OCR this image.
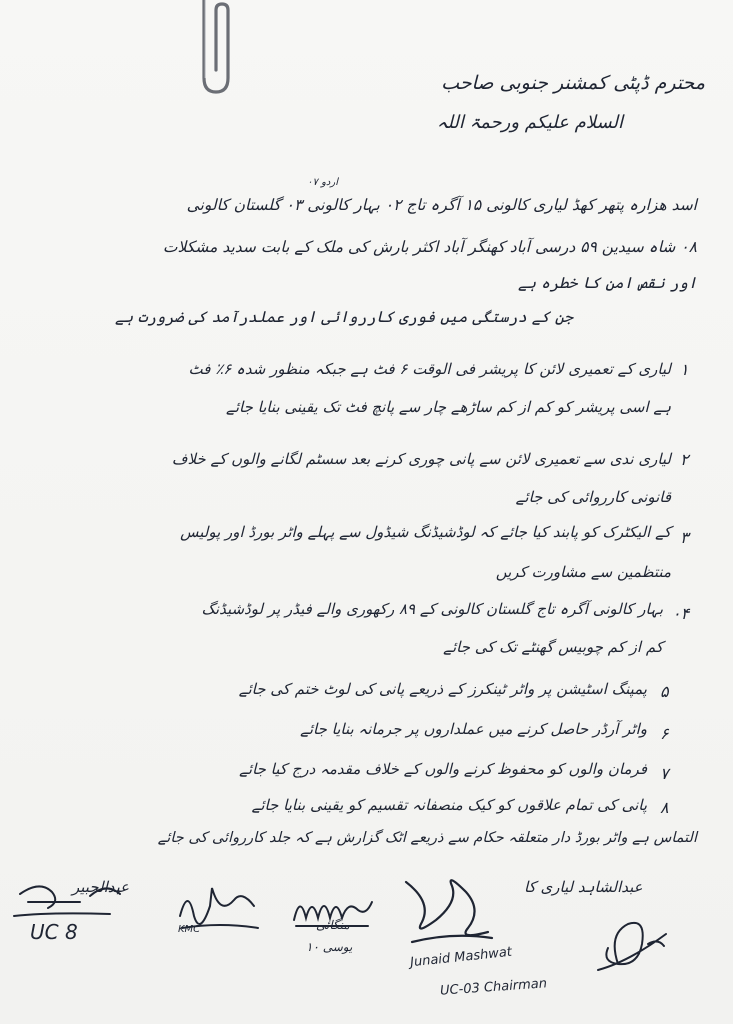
محترم ڈپٹی کمشنر جنوبی صاحب
السلام علیکم ورحمۃ اللہ
اردو ۰۷
اسد ھزارہ پتھر کھڈ لیاری کالونی ۱۵ آگرہ تاج ۰۲ بہار کالونی ۰۳ گلستان کالونی
۰۸ شاہ سیدین ۵۹ درسی آباد کھنگر آباد اکثر بارش کی ملک کے بابت سدید مشکلات
اور نقص امن کا خطرہ ہے
جن کے درستگی میں فوری کارروائی اور عملدرآمد کی ضرورت ہے
۱
لیاری کے تعمیری لائن کا پریشر فی الوقت ۶ فٹ ہے جبکہ منظور شدہ ۶٪ فٹ
ہے اسی پریشر کو کم از کم ساڑھے چار سے پانچ فٹ تک یقینی بنایا جائے
۲
لیاری ندی سے تعمیری لائن سے پانی چوری کرنے بعد سسٹم لگانے والوں کے خلاف
قانونی کارروائی کی جائے
۳
کے الیکٹرک کو پابند کیا جائے کہ لوڈشیڈنگ شیڈول سے پہلے واٹر بورڈ اور پولیس
منتظمین سے مشاورت کریں
۰۴
بہار کالونی آگرہ تاج گلستان کالونی کے ۸۹ رکھوری والے فیڈر پر لوڈشیڈنگ
کم از کم چوبیس گھنٹے تک کی جائے
۵
پمپنگ اسٹیشن پر واٹر ٹینکرز کے ذریعے پانی کی لوٹ ختم کی جائے
۶
واٹر آرڈر حاصل کرنے میں عملداروں پر جرمانہ بنایا جائے
۷
فرمان والوں کو محفوظ کرنے والوں کے خلاف مقدمہ درج کیا جائے
۸
پانی کی تمام علاقوں کو کیک منصفانہ تقسیم کو یقینی بنایا جائے
التماس ہے واٹر بورڈ دار متعلقہ حکام سے ذریعے اٹک گزارش ہے کہ جلد کارروائی کی جائے
عبدالجبیر
UC 8	KMC	منگائی
یوسی ۱۰	Junaid Mashwat
UC-03 Chairman
عبدالشاہد لیاری کا
